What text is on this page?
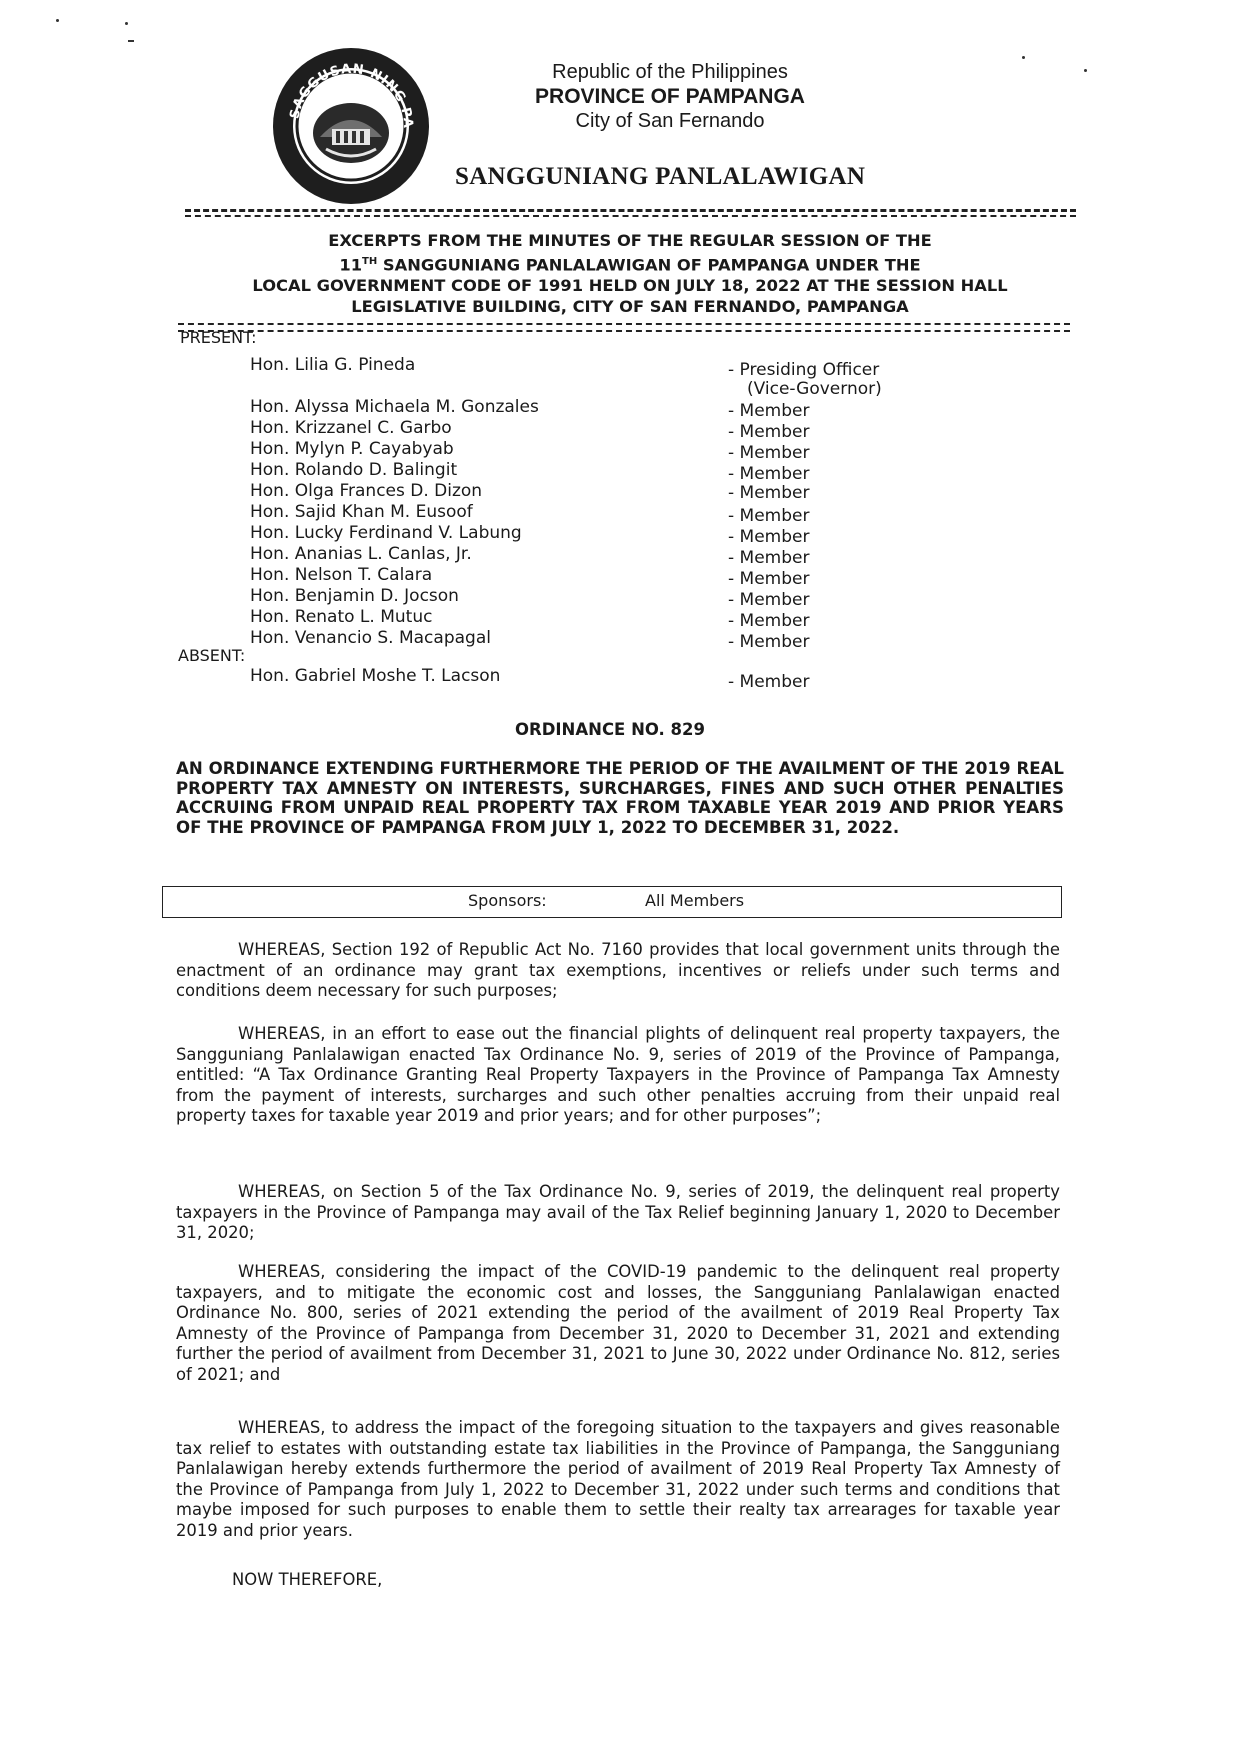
SAGGUSAN NING PA
Republic of the Philippines
PROVINCE OF PAMPANGA
City of San Fernando
SANGGUNIANG PANLALAWIGAN
EXCERPTS FROM THE MINUTES OF THE REGULAR SESSION OF THE
11TH SANGGUNIANG PANLALAWIGAN OF PAMPANGA UNDER THE
LOCAL GOVERNMENT CODE OF 1991 HELD ON JULY 18, 2022 AT THE SESSION HALL
LEGISLATIVE BUILDING, CITY OF SAN FERNANDO, PAMPANGA
PRESENT:
Hon. Lilia G. Pineda	- Presiding Officer
(Vice-Governor)
Hon. Alyssa Michaela M. Gonzales	- Member
Hon. Krizzanel C. Garbo	- Member
Hon. Mylyn P. Cayabyab	- Member
Hon. Rolando D. Balingit	- Member
Hon. Olga Frances D. Dizon	- Member
Hon. Sajid Khan M. Eusoof	- Member
Hon. Lucky Ferdinand V. Labung	- Member
Hon. Ananias L. Canlas, Jr.	- Member
Hon. Nelson T. Calara	- Member
Hon. Benjamin D. Jocson	- Member
Hon. Renato L. Mutuc	- Member
Hon. Venancio S. Macapagal	- Member
ABSENT:
Hon. Gabriel Moshe T. Lacson	- Member
ORDINANCE NO. 829
AN ORDINANCE EXTENDING FURTHERMORE THE PERIOD OF THE AVAILMENT OF THE 2019 REAL PROPERTY TAX AMNESTY ON INTERESTS, SURCHARGES, FINES AND SUCH OTHER PENALTIES ACCRUING FROM UNPAID REAL PROPERTY TAX FROM TAXABLE YEAR 2019 AND PRIOR YEARS OF THE PROVINCE OF PAMPANGA FROM JULY 1, 2022 TO DECEMBER 31, 2022.
Sponsors:	All Members
WHEREAS, Section 192 of Republic Act No. 7160 provides that local government units through the enactment of an ordinance may grant tax exemptions, incentives or reliefs under such terms and conditions deem necessary for such purposes;
WHEREAS, in an effort to ease out the financial plights of delinquent real property taxpayers, the Sangguniang Panlalawigan enacted Tax Ordinance No. 9, series of 2019 of the Province of Pampanga, entitled: “A Tax Ordinance Granting Real Property Taxpayers in the Province of Pampanga Tax Amnesty from the payment of interests, surcharges and such other penalties accruing from their unpaid real property taxes for taxable year 2019 and prior years; and for other purposes”;
WHEREAS, on Section 5 of the Tax Ordinance No. 9, series of 2019, the delinquent real property taxpayers in the Province of Pampanga may avail of the Tax Relief beginning January 1, 2020 to December 31, 2020;
WHEREAS, considering the impact of the COVID-19 pandemic to the delinquent real property taxpayers, and to mitigate the economic cost and losses, the Sangguniang Panlalawigan enacted Ordinance No. 800, series of 2021 extending the period of the availment of 2019 Real Property Tax Amnesty of the Province of Pampanga from December 31, 2020 to December 31, 2021 and extending further the period of availment from December 31, 2021 to June 30, 2022 under Ordinance No. 812, series of 2021; and
WHEREAS, to address the impact of the foregoing situation to the taxpayers and gives reasonable tax relief to estates with outstanding estate tax liabilities in the Province of Pampanga, the Sangguniang Panlalawigan hereby extends furthermore the period of availment of 2019 Real Property Tax Amnesty of the Province of Pampanga from July 1, 2022 to December 31, 2022 under such terms and conditions that maybe imposed for such purposes to enable them to settle their realty tax arrearages for taxable year 2019 and prior years.
NOW THEREFORE,
